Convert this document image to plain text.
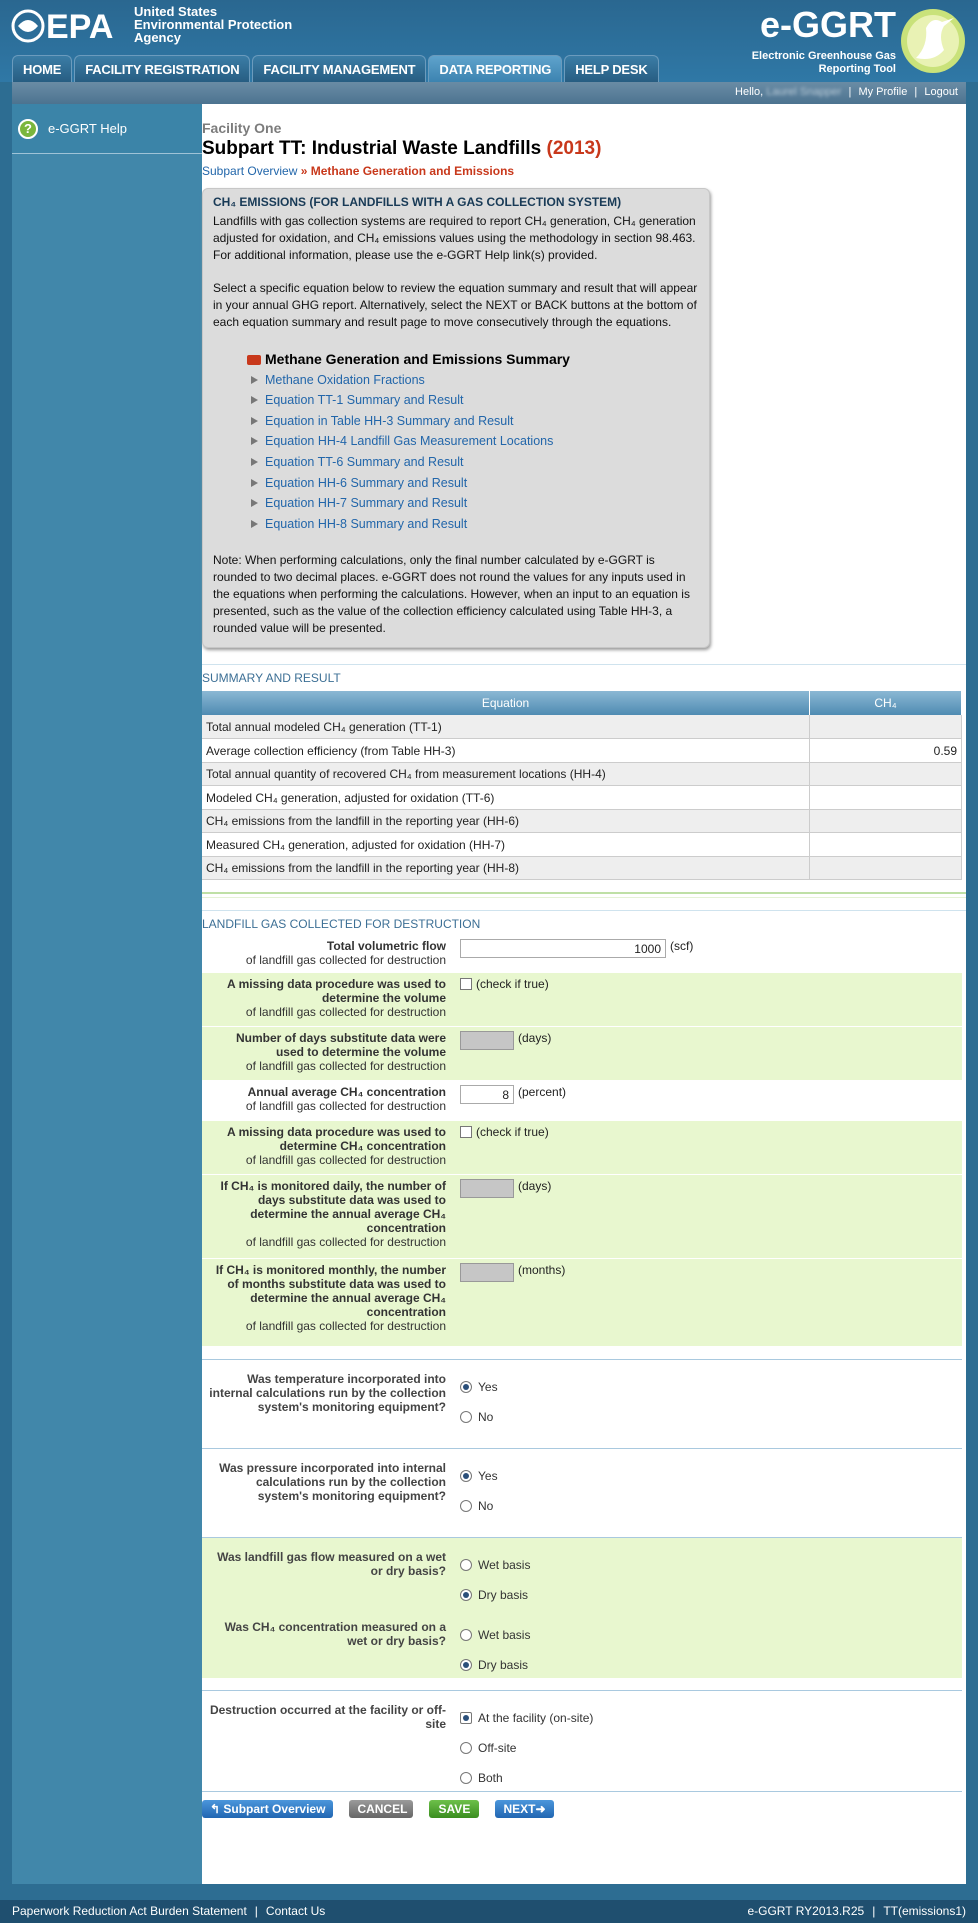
EPA United States
Environmental Protection
Agency	e-GGRT
Electronic Greenhouse Gas
Reporting Tool
HOME	FACILITY REGISTRATION	FACILITY MANAGEMENT	DATA REPORTING	HELP DESK
Hello, Laurel Snapper | My Profile | Logout
?	e-GGRT Help	Facility One
Subpart TT: Industrial Waste Landfills (2013)
Subpart Overview » Methane Generation and Emissions
CH₄ EMISSIONS (FOR LANDFILLS WITH A GAS COLLECTION SYSTEM)

Landfills with gas collection systems are required to report CH₄ generation, CH₄ generation adjusted for oxidation, and CH₄ emissions values using the methodology in section 98.463. For additional information, please use the e-GGRT Help link(s) provided.

Select a specific equation below to review the equation summary and result that will appear in your annual GHG report. Alternatively, select the NEXT or BACK buttons at the bottom of each equation summary and result page to move consecutively through the equations.

Methane Generation and Emissions Summary
Methane Oxidation Fractions
Equation TT-1 Summary and Result
Equation in Table HH-3 Summary and Result
Equation HH-4 Landfill Gas Measurement Locations
Equation TT-6 Summary and Result
Equation HH-6 Summary and Result
Equation HH-7 Summary and Result
Equation HH-8 Summary and Result

Note: When performing calculations, only the final number calculated by e-GGRT is rounded to two decimal places. e-GGRT does not round the values for any inputs used in the equations when performing the calculations. However, when an input to an equation is presented, such as the value of the collection efficiency calculated using Table HH-3, a rounded value will be presented.

SUMMARY AND RESULT
Equation	CH₄
Total annual modeled CH₄ generation (TT-1)	
Average collection efficiency (from Table HH-3)	0.59
Total annual quantity of recovered CH₄ from measurement locations (HH-4)	
Modeled CH₄ generation, adjusted for oxidation (TT-6)	
CH₄ emissions from the landfill in the reporting year (HH-6)	
Measured CH₄ generation, adjusted for oxidation (HH-7)	
CH₄ emissions from the landfill in the reporting year (HH-8)	
LANDFILL GAS COLLECTED FOR DESTRUCTION
Total volumetric flow
of landfill gas collected for destruction
1000 (scf)
A missing data procedure was used to determine the volume
of landfill gas collected for destruction
(check if true)
Number of days substitute data were used to determine the volume
of landfill gas collected for destruction
(days)
Annual average CH₄ concentration
of landfill gas collected for destruction
8 (percent)
A missing data procedure was used to determine CH₄ concentration
of landfill gas collected for destruction
(check if true)
If CH₄ is monitored daily, the number of days substitute data was used to determine the annual average CH₄ concentration
of landfill gas collected for destruction
(days)
If CH₄ is monitored monthly, the number of months substitute data was used to determine the annual average CH₄ concentration
of landfill gas collected for destruction
(months)
Was temperature incorporated into internal calculations run by the collection system's monitoring equipment?
Yes
No
Was pressure incorporated into internal calculations run by the collection system's monitoring equipment?
Yes
No
Was landfill gas flow measured on a wet or dry basis?	Wet basis
Dry basis
Was CH₄ concentration measured on a wet or dry basis?	Wet basis
Dry basis
Destruction occurred at the facility or off-site	At the facility (on-site)
Off-site
Both
↰ Subpart Overview	CANCEL	SAVE	NEXT➜
Paperwork Reduction Act Burden Statement | Contact Us	e-GGRT RY2013.R25 | TT(emissions1)
